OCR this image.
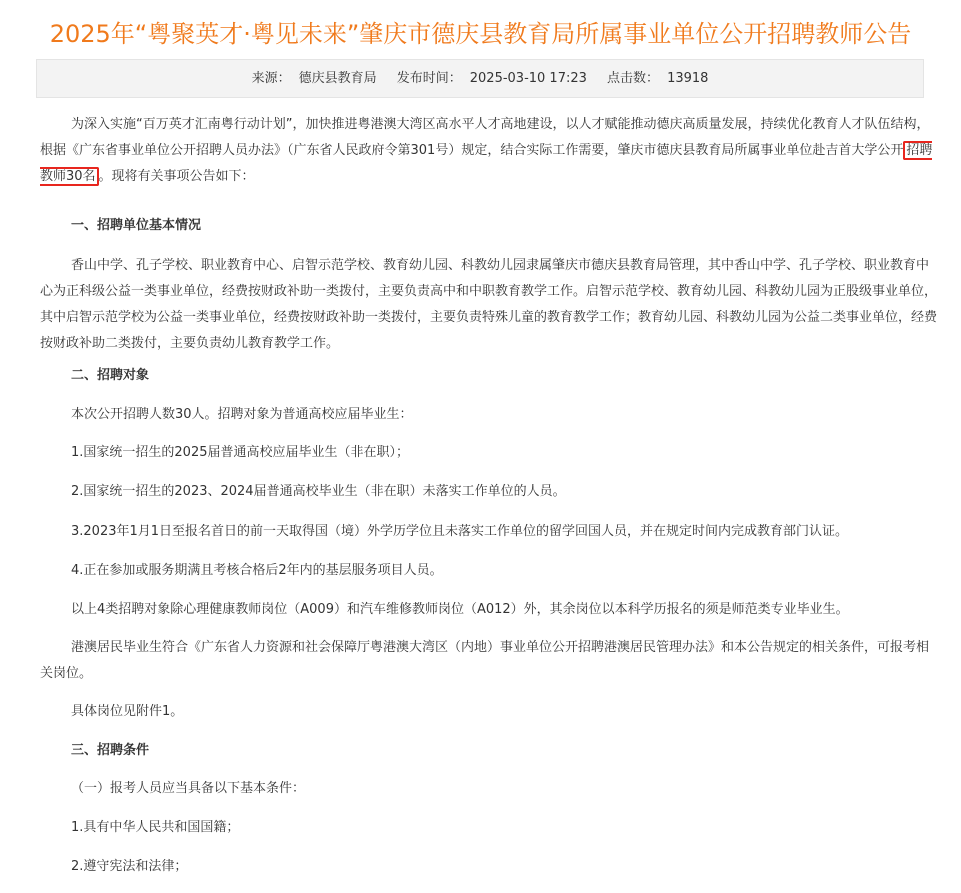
2025年“粤聚英才·粤见未来”肇庆市德庆县教育局所属事业单位公开招聘教师公告
来源： 德庆县教育局 发布时间： 2025-03-10 17:23 点击数： 13918

为深入实施“百万英才汇南粤行动计划”，加快推进粤港澳大湾区高水平人才高地建设，以人才赋能推动德庆高质量发展，持续优化教育人才队伍结构，根据《广东省事业单位公开招聘人员办法》（广东省人民政府令第301号）规定，结合实际工作需要，肇庆市德庆县教育局所属事业单位赴吉首大学公开 招聘教师30名 。现将有关事项公告如下：

一、招聘单位基本情况

香山中学、孔子学校、职业教育中心、启智示范学校、教育幼儿园、科教幼儿园隶属肇庆市德庆县教育局管理，其中香山中学、孔子学校、职业教育中心为正科级公益一类事业单位，经费按财政补助一类拨付，主要负责高中和中职教育教学工作。启智示范学校、教育幼儿园、科教幼儿园为正股级事业单位，其中启智示范学校为公益一类事业单位，经费按财政补助一类拨付，主要负责特殊儿童的教育教学工作；教育幼儿园、科教幼儿园为公益二类事业单位，经费按财政补助二类拨付，主要负责幼儿教育教学工作。

二、招聘对象

本次公开招聘人数30人。招聘对象为普通高校应届毕业生：

1.国家统一招生的2025届普通高校应届毕业生（非在职）；

2.国家统一招生的2023、2024届普通高校毕业生（非在职）未落实工作单位的人员。

3.2023年1月1日至报名首日的前一天取得国（境）外学历学位且未落实工作单位的留学回国人员，并在规定时间内完成教育部门认证。

4.正在参加或服务期满且考核合格后2年内的基层服务项目人员。

以上4类招聘对象除心理健康教师岗位（A009）和汽车维修教师岗位（A012）外，其余岗位以本科学历报名的须是师范类专业毕业生。

港澳居民毕业生符合《广东省人力资源和社会保障厅粤港澳大湾区（内地）事业单位公开招聘港澳居民管理办法》和本公告规定的相关条件，可报考相关岗位。

具体岗位见附件1。

三、招聘条件

（一）报考人员应当具备以下基本条件：

1.具有中华人民共和国国籍；

2.遵守宪法和法律；
